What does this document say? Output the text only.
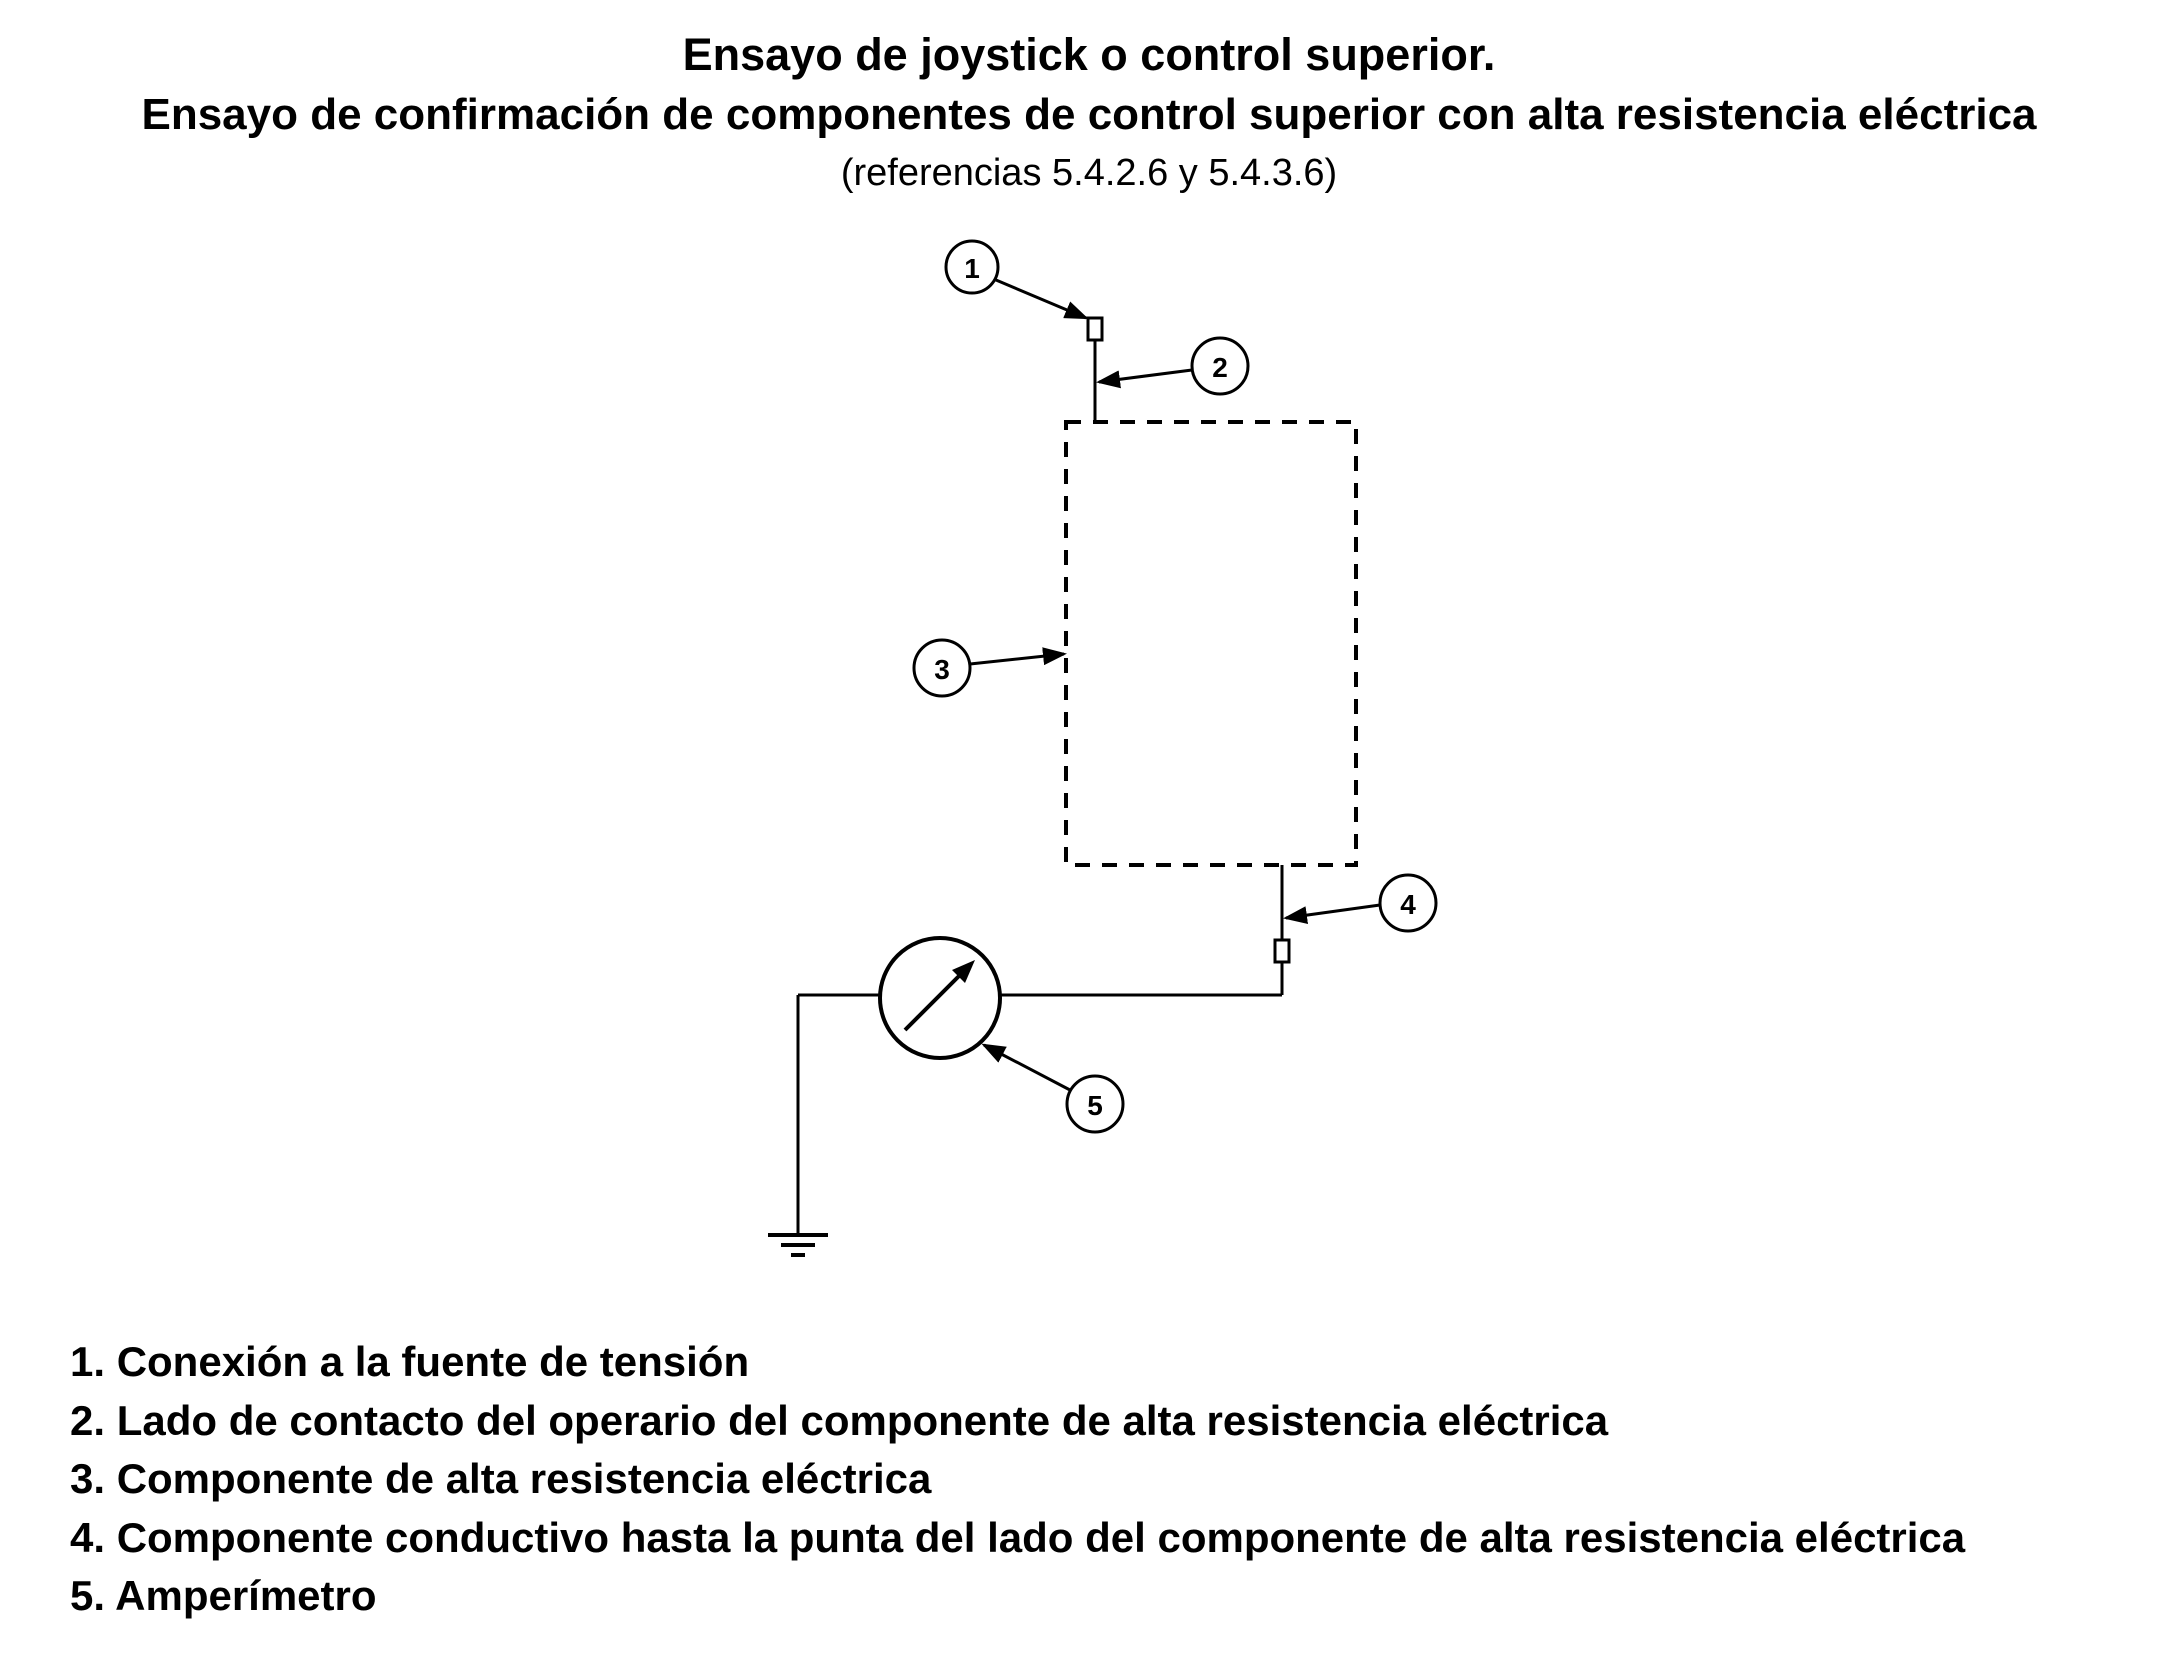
Ensayo de joystick o control superior.
Ensayo de confirmación de componentes de control superior con alta resistencia eléctrica
(referencias 5.4.2.6 y 5.4.3.6)
1
2
3
4
5
1. Conexión a la fuente de tensión
2. Lado de contacto del operario del componente de alta resistencia eléctrica
3. Componente de alta resistencia eléctrica
4. Componente conductivo hasta la punta del lado del componente de alta resistencia eléctrica
5. Amperímetro
